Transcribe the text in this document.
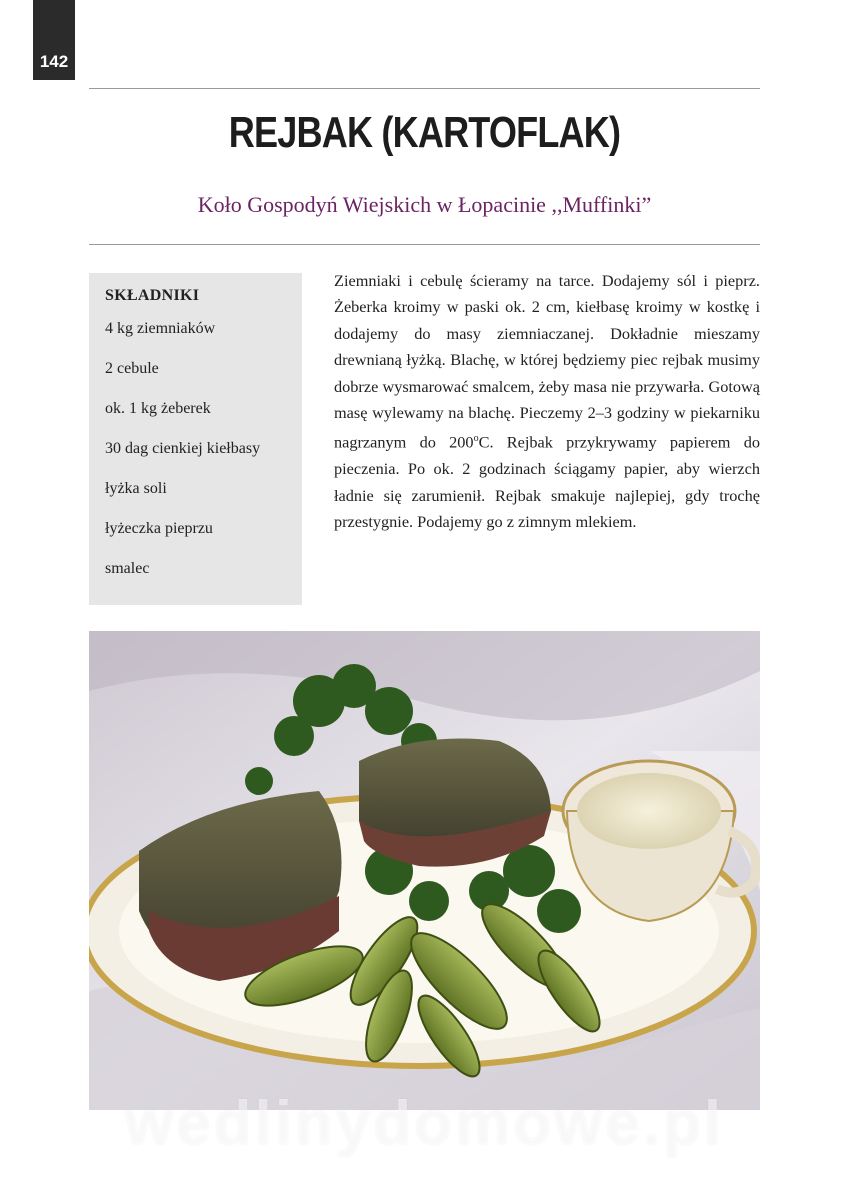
142
REJBAK (KARTOFLAK)
Koło Gospodyń Wiejskich w Łopacinie ,,Muffinki”
SKŁADNIKI
4 kg ziemniaków
2 cebule
ok. 1 kg żeberek
30 dag cienkiej kiełbasy
łyżka soli
łyżeczka pieprzu
smalec

Ziemniaki i cebulę ścieramy na tarce. Dodajemy sól i pieprz. Żeberka kroimy w paski ok. 2 cm, kiełbasę kroimy w kostkę i dodajemy do masy ziemniaczanej. Dokładnie mieszamy drewnianą łyżką. Blachę, w której będziemy piec rejbak musimy dobrze wysmarować smalcem, żeby masa nie przywarła. Gotową masę wylewamy na blachę. Pieczemy 2–3 godziny w piekarniku nagrzanym do 200$^o$C. Rejbak przykrywamy papierem do pieczenia. Po ok. 2 godzinach ściągamy papier, aby wierzch ładnie się zarumienił. Rejbak smakuje najlepiej, gdy trochę przestygnie. Podajemy go z zimnym mlekiem.

wedlinydomowe.pl
